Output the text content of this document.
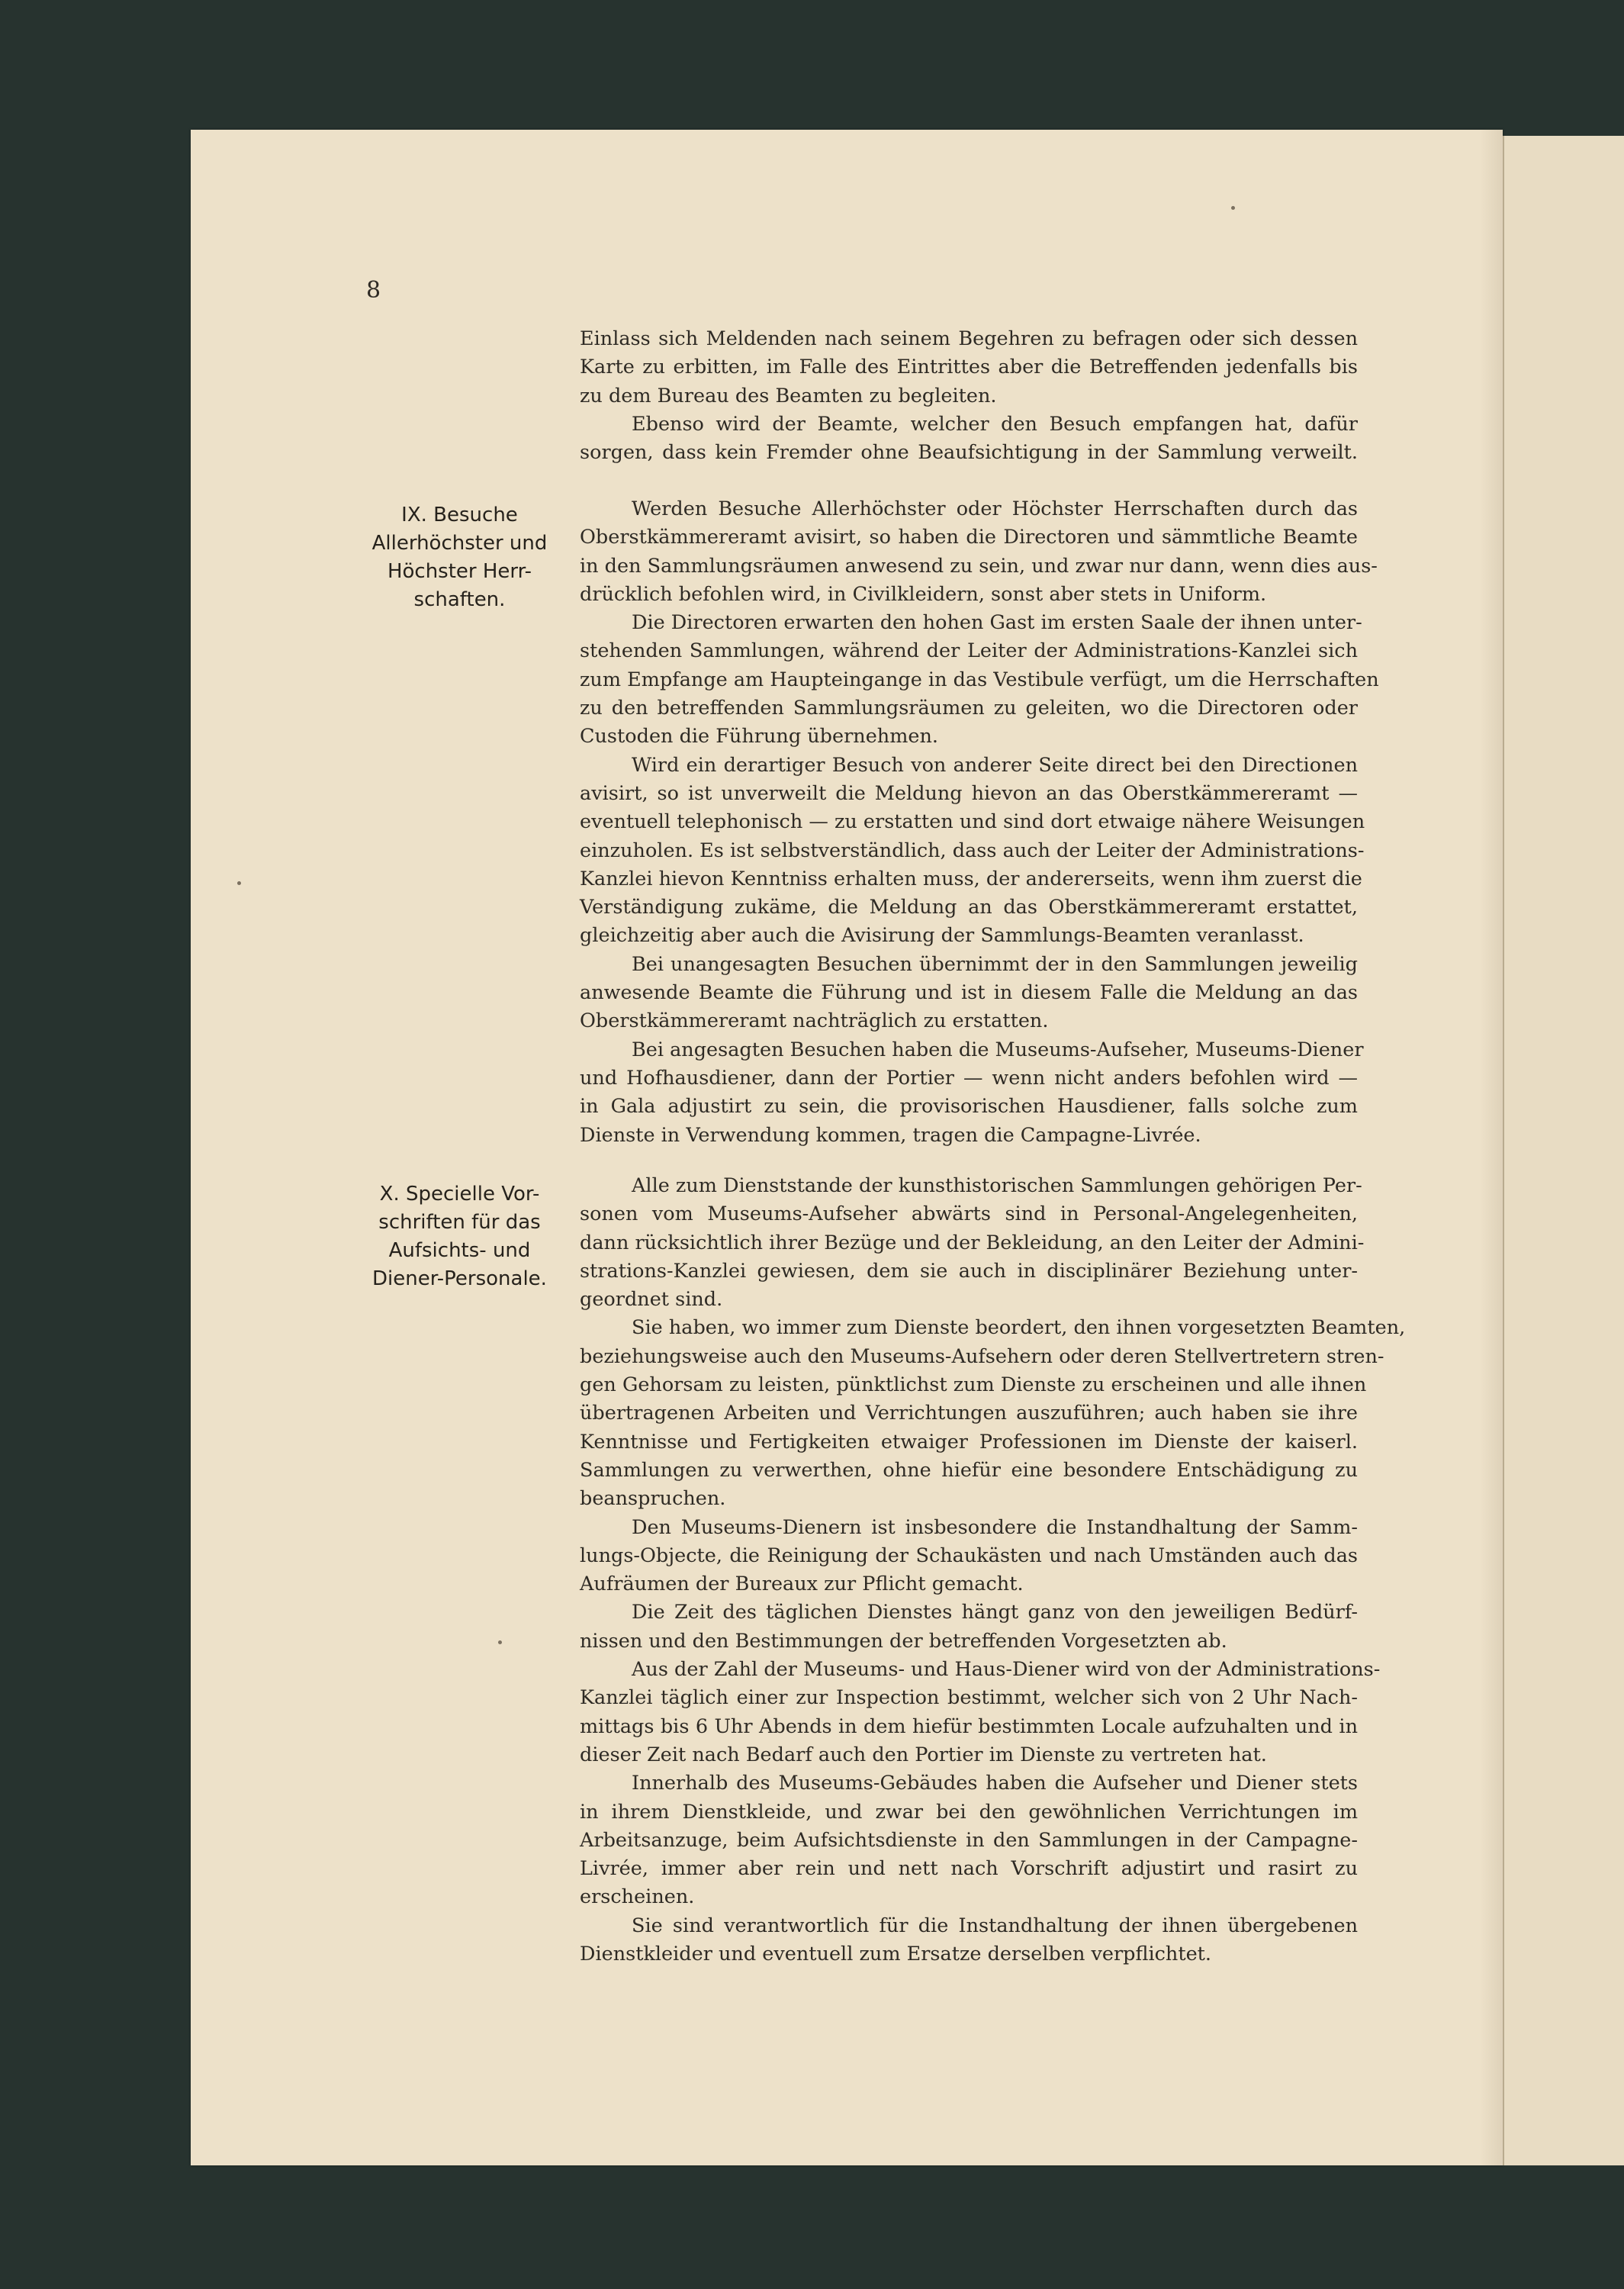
8
Einlass sich Meldenden nach seinem Begehren zu befragen oder sich dessen
Karte zu erbitten, im Falle des Eintrittes aber die Betreffenden jedenfalls bis
zu dem Bureau des Beamten zu begleiten.
Ebenso wird der Beamte, welcher den Besuch empfangen hat, dafür
sorgen, dass kein Fremder ohne Beaufsichtigung in der Sammlung verweilt.
IX. Besuche
Allerhöchster und
Höchster Herr-
schaften.
Werden Besuche Allerhöchster oder Höchster Herrschaften durch das
Oberstkämmereramt avisirt, so haben die Directoren und sämmtliche Beamte
in den Sammlungsräumen anwesend zu sein, und zwar nur dann, wenn dies aus-
drücklich befohlen wird, in Civilkleidern, sonst aber stets in Uniform.
Die Directoren erwarten den hohen Gast im ersten Saale der ihnen unter-
stehenden Sammlungen, während der Leiter der Administrations-Kanzlei sich
zum Empfange am Haupteingange in das Vestibule verfügt, um die Herrschaften
zu den betreffenden Sammlungsräumen zu geleiten, wo die Directoren oder
Custoden die Führung übernehmen.
Wird ein derartiger Besuch von anderer Seite direct bei den Directionen
avisirt, so ist unverweilt die Meldung hievon an das Oberstkämmereramt —
eventuell telephonisch — zu erstatten und sind dort etwaige nähere Weisungen
einzuholen. Es ist selbstverständlich, dass auch der Leiter der Administrations-
Kanzlei hievon Kenntniss erhalten muss, der andererseits, wenn ihm zuerst die
Verständigung zukäme, die Meldung an das Oberstkämmereramt erstattet,
gleichzeitig aber auch die Avisirung der Sammlungs-Beamten veranlasst.
Bei unangesagten Besuchen übernimmt der in den Sammlungen jeweilig
anwesende Beamte die Führung und ist in diesem Falle die Meldung an das
Oberstkämmereramt nachträglich zu erstatten.
Bei angesagten Besuchen haben die Museums-Aufseher, Museums-Diener
und Hofhausdiener, dann der Portier — wenn nicht anders befohlen wird —
in Gala adjustirt zu sein, die provisorischen Hausdiener, falls solche zum
Dienste in Verwendung kommen, tragen die Campagne-Livrée.
X. Specielle Vor-
schriften für das
Aufsichts- und
Diener-Personale.
Alle zum Dienststande der kunsthistorischen Sammlungen gehörigen Per-
sonen vom Museums-Aufseher abwärts sind in Personal-Angelegenheiten,
dann rücksichtlich ihrer Bezüge und der Bekleidung, an den Leiter der Admini-
strations-Kanzlei gewiesen, dem sie auch in disciplinärer Beziehung unter-
geordnet sind.
Sie haben, wo immer zum Dienste beordert, den ihnen vorgesetzten Beamten,
beziehungsweise auch den Museums-Aufsehern oder deren Stellvertretern stren-
gen Gehorsam zu leisten, pünktlichst zum Dienste zu erscheinen und alle ihnen
übertragenen Arbeiten und Verrichtungen auszuführen; auch haben sie ihre
Kenntnisse und Fertigkeiten etwaiger Professionen im Dienste der kaiserl.
Sammlungen zu verwerthen, ohne hiefür eine besondere Entschädigung zu
beanspruchen.
Den Museums-Dienern ist insbesondere die Instandhaltung der Samm-
lungs-Objecte, die Reinigung der Schaukästen und nach Umständen auch das
Aufräumen der Bureaux zur Pflicht gemacht.
Die Zeit des täglichen Dienstes hängt ganz von den jeweiligen Bedürf-
nissen und den Bestimmungen der betreffenden Vorgesetzten ab.
Aus der Zahl der Museums- und Haus-Diener wird von der Administrations-
Kanzlei täglich einer zur Inspection bestimmt, welcher sich von 2 Uhr Nach-
mittags bis 6 Uhr Abends in dem hiefür bestimmten Locale aufzuhalten und in
dieser Zeit nach Bedarf auch den Portier im Dienste zu vertreten hat.
Innerhalb des Museums-Gebäudes haben die Aufseher und Diener stets
in ihrem Dienstkleide, und zwar bei den gewöhnlichen Verrichtungen im
Arbeitsanzuge, beim Aufsichtsdienste in den Sammlungen in der Campagne-
Livrée, immer aber rein und nett nach Vorschrift adjustirt und rasirt zu
erscheinen.
Sie sind verantwortlich für die Instandhaltung der ihnen übergebenen
Dienstkleider und eventuell zum Ersatze derselben verpflichtet.
